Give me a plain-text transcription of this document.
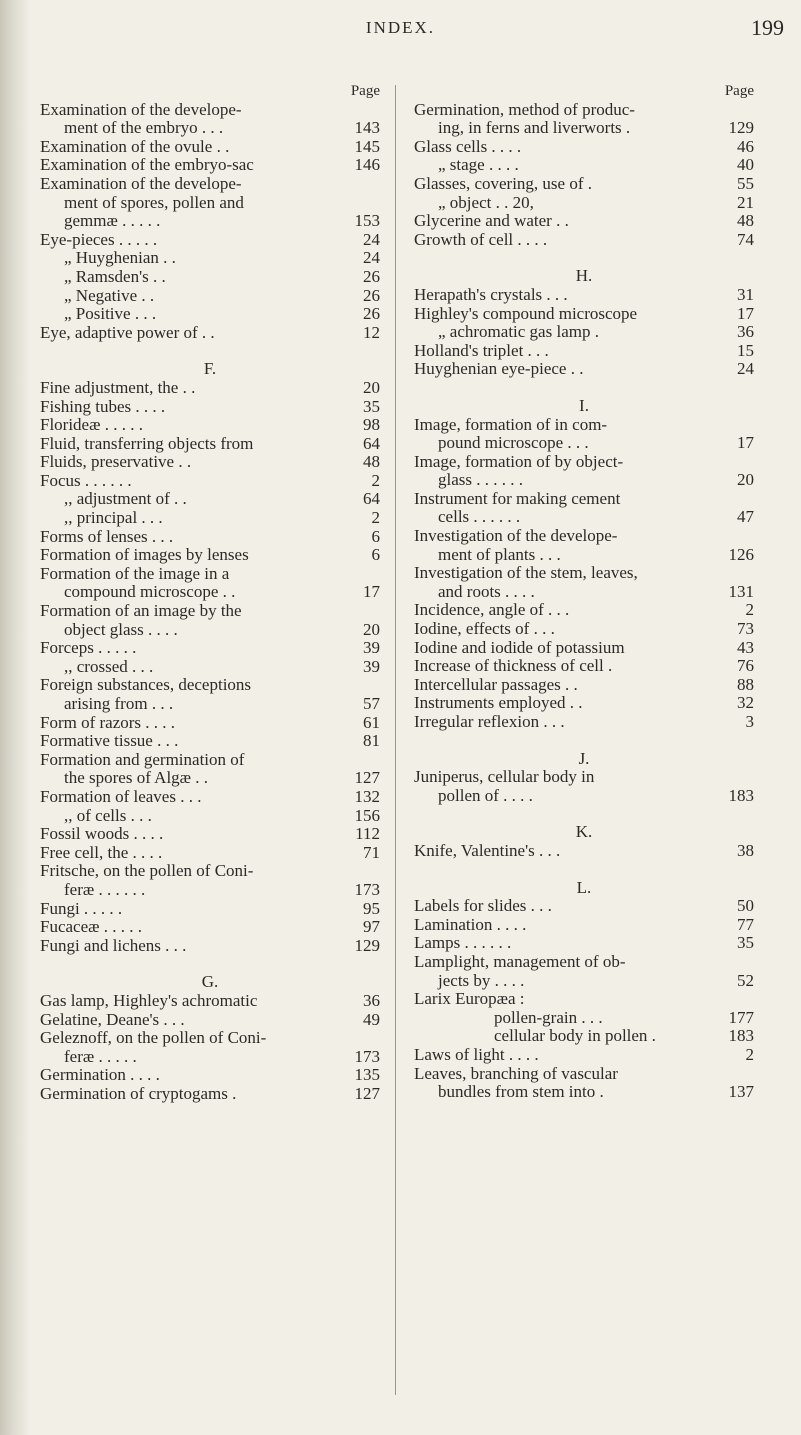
INDEX.	199
Page
Examination of the develope-
ment of the embryo . . .	143
Examination of the ovule . .	145
Examination of the embryo-sac	146
Examination of the develope-
ment of spores, pollen and
gemmæ . . . . .	153
Eye-pieces . . . . .	24
„ Huyghenian . .	24
„ Ramsden's . .	26
„ Negative . .	26
„ Positive . . .	26
Eye, adaptive power of . .	12
F.
Fine adjustment, the . .	20
Fishing tubes . . . .	35
Florideæ . . . . .	98
Fluid, transferring objects from	64
Fluids, preservative . .	48
Focus . . . . . .	2
,, adjustment of . .	64
,, principal . . .	2
Forms of lenses . . .	6
Formation of images by lenses	6
Formation of the image in a
compound microscope . .	17
Formation of an image by the
object glass . . . .	20
Forceps . . . . .	39
,, crossed . . .	39
Foreign substances, deceptions
arising from . . .	57
Form of razors . . . .	61
Formative tissue . . .	81
Formation and germination of
the spores of Algæ . .	127
Formation of leaves . . .	132
,, of cells . . .	156
Fossil woods . . . .	112
Free cell, the . . . .	71
Fritsche, on the pollen of Coni-
feræ . . . . . .	173
Fungi . . . . .	95
Fucaceæ . . . . .	97
Fungi and lichens . . .	129
G.
Gas lamp, Highley's achromatic	36
Gelatine, Deane's . . .	49
Geleznoff, on the pollen of Coni-
feræ . . . . .	173
Germination . . . .	135
Germination of cryptogams .	127
Page
Germination, method of produc-
ing, in ferns and liverworts .	129
Glass cells . . . .	46
„ stage . . . .	40
Glasses, covering, use of .	55
„ object . . 20,	21
Glycerine and water . .	48
Growth of cell . . . .	74
H.
Herapath's crystals . . .	31
Highley's compound microscope	17
„ achromatic gas lamp .	36
Holland's triplet . . .	15
Huyghenian eye-piece . .	24
I.
Image, formation of in com-
pound microscope . . .	17
Image, formation of by object-
glass . . . . . .	20
Instrument for making cement
cells . . . . . .	47
Investigation of the develope-
ment of plants . . .	126
Investigation of the stem, leaves,
and roots . . . .	131
Incidence, angle of . . .	2
Iodine, effects of . . .	73
Iodine and iodide of potassium	43
Increase of thickness of cell .	76
Intercellular passages . .	88
Instruments employed . .	32
Irregular reflexion . . .	3
J.
Juniperus, cellular body in
pollen of . . . .	183
K.
Knife, Valentine's . . .	38
L.
Labels for slides . . .	50
Lamination . . . .	77
Lamps . . . . . .	35
Lamplight, management of ob-
jects by . . . .	52
Larix Europæa :
pollen-grain . . .	177
cellular body in pollen .	183
Laws of light . . . .	2
Leaves, branching of vascular
bundles from stem into .	137
